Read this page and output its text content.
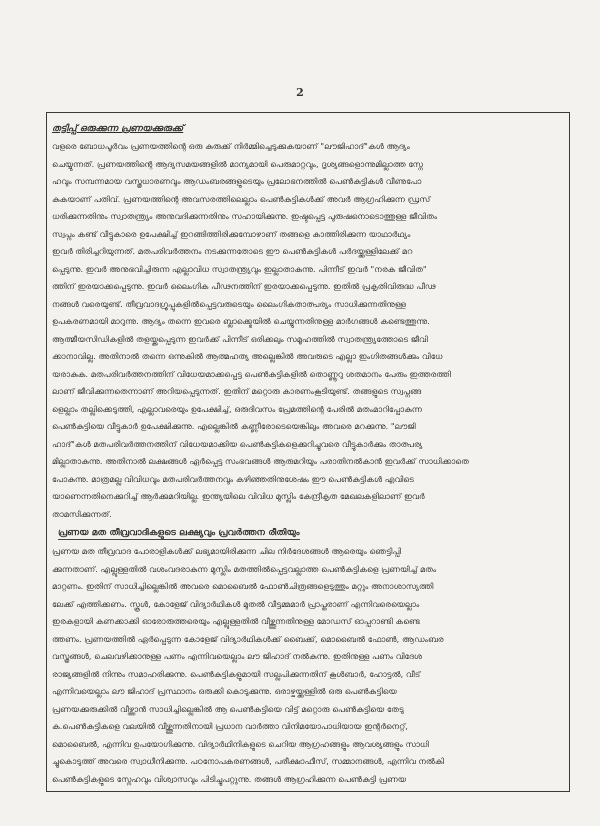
2

തട്ടിപ്പ് ഒരുക്കുന്ന പ്രണയക്കുരുക്ക്

വളരെ ബോധപൂർവം പ്രണയത്തിന്റെ ഒരു കുരുക്ക് നിർമ്മിച്ചെടുക്കുകയാണ് "ലൗജിഹാദ്"കൾ ആദ്യം
ചെയ്യുന്നത്. പ്രണയത്തിന്റെ ആദ്യസമയങ്ങളിൽ മാന്യമായി പെരുമാറ്റവും, ദൃശ്യങ്ങളൊന്നുമില്ലാത്ത സ്നേ
ഹവും സമ്പന്നമായ വസ്ത്രധാരണവും ആഡംബരങ്ങളുടെയും പ്രലോഭനത്തിൽ പെൺകുട്ടികൾ വീണുപോ
കുകയാണ് പതിവ്. പ്രണയത്തിന്റെ അവസരത്തിലെല്ലാം പെൺകുട്ടികൾക്ക് അവർ ആഗ്രഹിക്കുന്ന ഡ്രസ്
ധരിക്കുന്നതിനും സ്വാതന്ത്ര്യം അനുവദിക്കുന്നതിനും സഹായിക്കുന്നു. ഇഷ്ടപ്പെട്ട പുരുഷനൊടൊത്തുള്ള ജീവിതം
സ്വപ്നം കണ്ട് വീട്ടുകാരെ ഉപേക്ഷിച്ച് ഇറങ്ങിത്തിരിക്കുമ്പോഴാണ് തങ്ങളെ കാത്തിരിക്കുന്ന യാഥാർഥ്യം
ഇവർ തിരിച്ചറിയുന്നത്. മതപരിവർത്തനം നടക്കുന്നതോടെ ഈ പെൺകുട്ടികൾ പർദയ്ക്കുള്ളിലേക്ക് മറ
പ്പെടുന്നു. ഇവർ അനുഭവിച്ചിരുന്ന എല്ലാവിധ സ്വാതന്ത്ര്യവും ഇല്ലാതാകുന്നു. പിന്നീട് ഇവർ "നരക ജീവിത"
ത്തിന് ഇരയാക്കപ്പെടുന്നു. ഇവർ ലൈംഗിക പീഢനത്തിന് ഇരയാക്കപ്പെടുന്നു. ഇതിൽ പ്രകൃതിവിരുദ്ധ പീഢ
നങ്ങൾ വരെയുണ്ട്. തീവ്രവാദഗ്രൂപ്പുകളിൽപ്പെട്ടവരുടെയും ലൈംഗികതാത്പര്യം സാധിക്കുന്നതിനുള്ള
ഉപകരണമായി മാറുന്നു. ആദ്യം തന്നെ ഇവരെ ബ്ലാക്ക്മെയിൽ ചെയ്യുന്നതിനുള്ള മാർഗങ്ങൾ കണ്ടെത്തുന്നു.
ആത്മീയസിഡികളിൽ തളയ്ക്കപ്പെടുന്ന ഇവർക്ക് പിന്നീട് ഒരിക്കലും സമൂഹത്തിൽ സ്വാതന്ത്ര്യത്തോടെ ജീവി
ക്കാനാവില്ല. അതിനാൽ തന്നെ ഒന്നുകിൽ ആത്മഹത്യ അല്ലെങ്കിൽ അവരുടെ എല്ലാ ഇംഗിതങ്ങൾക്കും വിധേ
യരാകുക. മതപരിവർത്തനത്തിന് വിധേയമാക്കപ്പെട്ട പെൺകുട്ടികളിൽ തൊണ്ണൂറു ശതമാനം പേരും ഇത്തരത്തി
ലാണ് ജീവിക്കുന്നതെന്നാണ് അറിയപ്പെടുന്നത്. ഇതിന് മറ്റൊരു കാരണംകൂടിയുണ്ട്. തങ്ങളുടെ സ്വപ്നങ്ങ
ളെല്ലാം തല്ലിക്കെടുത്തി, എല്ലാവരെയും ഉപേക്ഷിച്ച്, ഒരുദിവസം പ്രേമത്തിന്റെ പേരിൽ മതംമാറിപ്പോകുന്ന
പെൺകുട്ടിയെ വീട്ടുകാർ ഉപേക്ഷിക്കുന്നു. എല്ലെങ്കിൽ കണ്ണീരോടെയെങ്കിലും അവരെ മറക്കുന്നു. "ലൗജി
ഹാദ്"കൾ മതപരിവർത്തനത്തിന് വിധേയമാക്കിയ പെൺകുട്ടികളെക്കുറിച്ചുവരെ വീട്ടുകാർക്കും താത്പര്യ
മില്ലാതാകുന്നു. അതിനാൽ ലക്ഷങ്ങൾ ഏർപ്പെട്ട സംഭവങ്ങൾ ആരുമറിയും പരാതിനൽകാൻ ഇവർക്ക് സാധിക്കാതെ
പോകുന്നു. മാത്രമല്ല വിവിധവും മതപരിവർത്തനവും കഴിഞ്ഞതിനുശേഷം ഈ പെൺകുട്ടികൾ എവിടെ
യാണെന്നതിനെക്കുറിച്ച് ആർക്കുമറിയില്ല. ഇന്ത്യയിലെ വിവിധ മുസ്ലിം കേന്ദ്രീകൃത മേഖലകളിലാണ് ഇവർ
താമസിക്കുന്നത്.

പ്രണയ മത തീവ്രവാദികളുടെ ലക്ഷ്യവും പ്രവർത്തന രീതിയും

പ്രണയ മത തീവ്രവാദ പോരാളികൾക്ക് ലഭ്യമായിരിക്കുന്ന ചില നിർദേശങ്ങൾ ആരെയും ഞെട്ടിപ്പി
ക്കുന്നതാണ്. എല്ലുള്ളതിൽ വശംവദരാകുന്ന മുസ്ലിം മതത്തിൽപ്പെട്ടവല്ലാത്ത പെൺകുട്ടികളെ പ്രണയിച്ച് മതം
മാറ്റണം. ഇതിന് സാധിച്ചില്ലെങ്കിൽ അവരെ മൊബൈൽ ഫോൺചിത്രങ്ങളെടുത്തും മറ്റും അനാശാസ്യത്തി
ലേക്ക് എത്തിക്കണം. സ്കൂൾ, കോളേജ് വിദ്യാർഥികൾ മുതൽ വീട്ടമ്മമാർ പ്രാപ്തരാണ് എന്നിവരെയെല്ലാം
ഇരകളായി കണക്കാക്കി ഓരോരുത്തരെയും എല്ലുള്ളതിൽ വീഴ്ത്തുന്നതിനുള്ള മോഡസ് ഓപ്പറാണ്ടി കണ്ടെ
ത്തണം. പ്രണയത്തിൽ ഏർപ്പെടുന്ന കോളേജ് വിദ്യാർഥികൾക്ക് ബൈക്ക്, മൊബൈൽ ഫോൺ, ആഡംബര
വസ്ത്രങ്ങൾ, ചെലവഴിക്കാനുള്ള പണം എന്നിവയെല്ലാം ലൗ ജിഹാദ് നൽകുന്നു. ഇതിനുള്ള പണം വിദേശ
രാജ്യങ്ങളിൽ നിന്നും സമാഹരിക്കുന്നു. പെൺകുട്ടികളുമായി സല്ലപിക്കുന്നതിന് കൂൾബാർ, ഹോട്ടൽ, വീട്
എന്നിവയെല്ലാം ലൗ ജിഹാദ് പ്രസ്ഥാനം ഒരുക്കി കൊടുക്കുന്നു. ഒരാഴ്ചയ്ക്കുള്ളിൽ ഒരു പെൺകുട്ടിയെ
പ്രണയക്കുരുക്കിൽ വീഴ്ത്താൻ സാധിച്ചില്ലെങ്കിൽ ആ പെൺകുട്ടിയെ വിട്ട് മറ്റൊരു പെൺകുട്ടിയെ തേടു
ക.പെൺകുട്ടികളെ വലയിൽ വീഴ്ത്തുന്നതിനായി പ്രധാന വാർത്താ വിനിമയോപാധിയായ ഇന്റർനെറ്റ്,
മൊബൈൽ, എന്നിവ ഉപയോഗിക്കുന്നു. വിദ്യാർഥിനികളുടെ ചെറിയ ആഗ്രഹങ്ങളും ആവശ്യങ്ങളും സാധി
ച്ചുകൊടുത്ത് അവരെ സ്വാധീനിക്കുന്നു. പഠനോപകരണങ്ങൾ, പരീക്ഷാഫീസ്, സമ്മാനങ്ങൾ, എന്നിവ നൽകി
പെൺകുട്ടികളുടെ സ്നേഹവും വിശ്വാസവും പിടിച്ചുപറ്റുന്നു. തങ്ങൾ ആഗ്രഹിക്കുന്ന പെൺകുട്ടി പ്രണയ
